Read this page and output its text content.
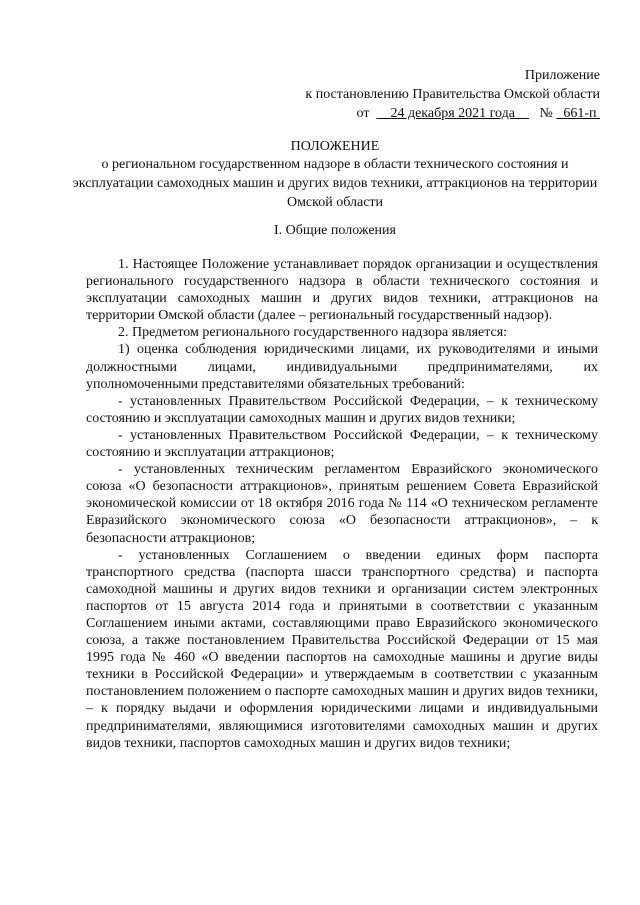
Приложение
к постановлению Правительства Омской области
от 24 декабря 2021 года № 661-п
ПОЛОЖЕНИЕ
о региональном государственном надзоре в области технического состояния и эксплуатации самоходных машин и других видов техники, аттракционов на территории Омской области
I. Общие положения

1. Настоящее Положение устанавливает порядок организации и осуществления регионального государственного надзора в области технического состояния и эксплуатации самоходных машин и других видов техники, аттракционов на территории Омской области (далее – региональный государственный надзор).

2. Предметом регионального государственного надзора является:

1) оценка соблюдения юридическими лицами, их руководителями и иными должностными лицами, индивидуальными предпринимателями, их уполномоченными представителями обязательных требований:

- установленных Правительством Российской Федерации, – к техническому состоянию и эксплуатации самоходных машин и других видов техники;

- установленных Правительством Российской Федерации, – к техническому состоянию и эксплуатации аттракционов;

- установленных техническим регламентом Евразийского экономического союза «О безопасности аттракционов», принятым решением Совета Евразийской экономической комиссии от 18 октября 2016 года № 114 «О техническом регламенте Евразийского экономического союза «О безопасности аттракционов», – к безопасности аттракционов;

- установленных Соглашением о введении единых форм паспорта транспортного средства (паспорта шасси транспортного средства) и паспорта самоходной машины и других видов техники и организации систем электронных паспортов от 15 августа 2014 года и принятыми в соответствии с указанным Соглашением иными актами, составляющими право Евразийского экономического союза, а также постановлением Правительства Российской Федерации от 15 мая 1995 года № 460 «О введении паспортов на самоходные машины и другие виды техники в Российской Федерации» и утверждаемым в соответствии с указанным постановлением положением о паспорте самоходных машин и других видов техники, – к порядку выдачи и оформления юридическими лицами и индивидуальными предпринимателями, являющимися изготовителями самоходных машин и других видов техники, паспортов самоходных машин и других видов техники;
